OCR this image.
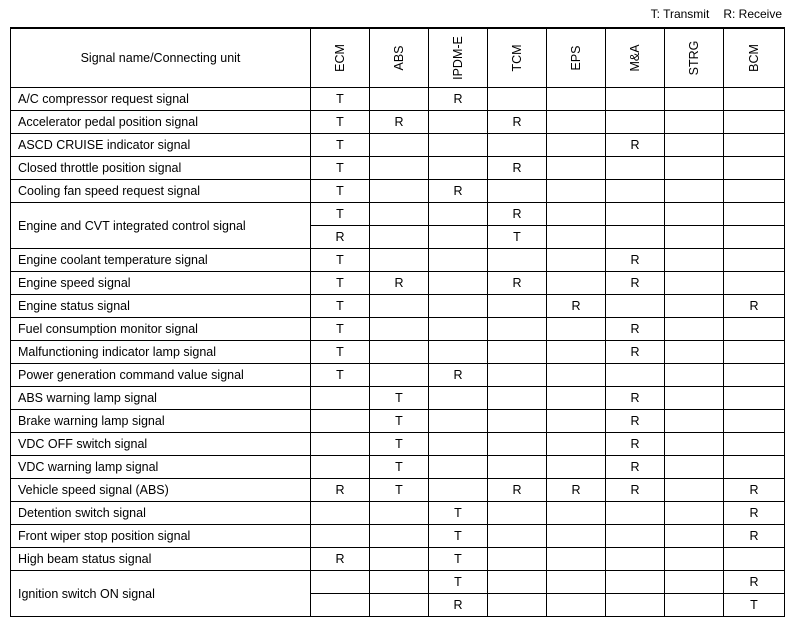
T: Transmit R: Receive
Signal name/Connecting unit	ECM	ABS	IPDM-E	TCM	EPS	M&A	STRG	BCM

A/C compressor request signal	T		R					
Accelerator pedal position signal	T	R		R				
ASCD CRUISE indicator signal	T					R		
Closed throttle position signal	T			R				
Cooling fan speed request signal	T		R					
Engine and CVT integrated control signal	T			R				
	R			T				
Engine coolant temperature signal	T					R		
Engine speed signal	T	R		R		R		
Engine status signal	T				R			R
Fuel consumption monitor signal	T					R		
Malfunctioning indicator lamp signal	T					R		
Power generation command value signal	T		R					
ABS warning lamp signal		T				R		
Brake warning lamp signal		T				R		
VDC OFF switch signal		T				R		
VDC warning lamp signal		T				R		
Vehicle speed signal (ABS)	R	T		R	R	R		R
Detention switch signal			T					R
Front wiper stop position signal			T					R
High beam status signal	R		T					
Ignition switch ON signal			T					R
			R					T
